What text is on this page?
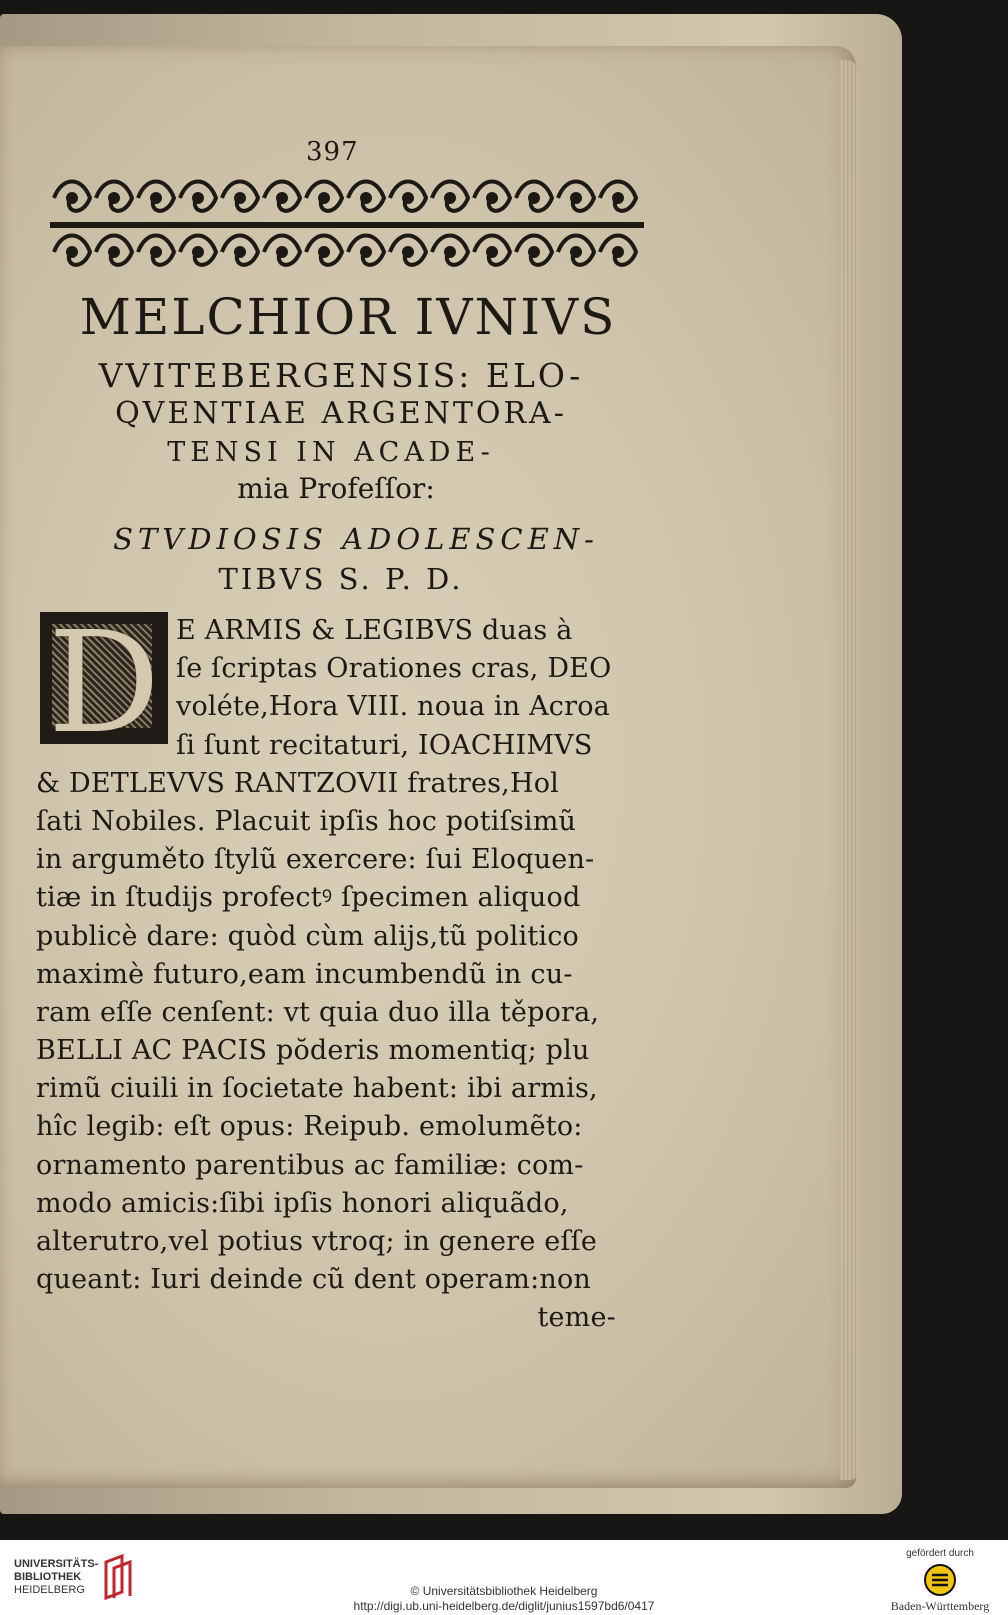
397
MELCHIOR IVNIVS
VVITEBERGENSIS: ELO-
QVENTIAE ARGENTORA-
TENSI IN ACADE-
mia Profeſſor:
STVDIOSIS ADOLESCEN-
TIBVS S. P. D.
D E ARMIS & LEGIBVS duas à
ſe ſcriptas Orationes cras, DEO
voléte,Hora VIII. noua in Acroa
ſi ſunt recitaturi, IOACHIMVS
& DETLEVVS RANTZOVII fratres,Hol
ſati Nobiles. Placuit ipſis hoc potiſsimũ
in arguměto ſtylũ exercere: ſui Eloquen-
tiæ in ſtudijs profectꝰ ſpecimen aliquod
publicè dare: quòd cùm alijs,tũ politico
maximè futuro,eam incumbendũ in cu-
ram eſſe cenſent: vt quia duo illa těpora,
BELLI AC PACIS pŏderis momentiq; plu
rimũ ciuili in ſocietate habent: ibi armis,
hîc legib: eſt opus: Reipub. emolumẽto:
ornamento parentibus ac familiæ: com-
modo amicis:ſibi ipſis honori aliquãdo,
alterutro,vel potius vtroq; in genere eſſe
queant: Iuri deinde cũ dent operam:non
teme-
UNIVERSITÄTS-
BIBLIOTHEK
HEIDELBERG	© Universitätsbibliothek Heidelberg
http://digi.ub.uni-heidelberg.de/diglit/junius1597bd6/0417
gefördert durch
Baden-Württemberg
